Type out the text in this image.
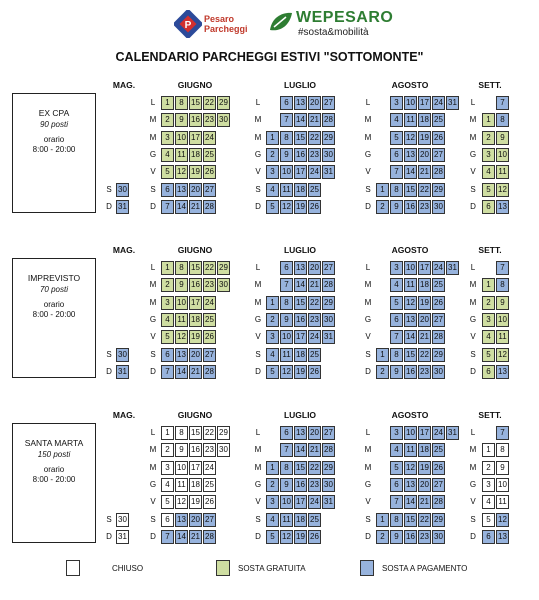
P
Pesaro
Parcheggi
WEPESARO
#sosta&mobilità
CALENDARIO PARCHEGGI ESTIVI "SOTTOMONTE"
EX CPA
90 posti
orario
8:00 - 20:00
MAG.
S
D
30
31
GIUGNO
L
M
M
G
V
S
D
1
2
3
4
5
6
7
8
9
10
11
12
13
14
15
16
17
18
19
20
21
22
23
24
25
26
27
28
29
30
LUGLIO
L
M
M
G
V
S
D
1
2
3
4
5
6
7
8
9
10
11
12
13
14
15
16
17
18
19
20
21
22
23
24
25
26
27
28
29
30
31
AGOSTO
L
M
M
G
V
S
D
1
2
3
4
5
6
7
8
9
10
11
12
13
14
15
16
17
18
19
20
21
22
23
24
25
26
27
28
29
30
31
SETT.
L
M
M
G
V
S
D
1
2
3
4
5
6
7
8
9
10
11
12
13
IMPREVISTO
70 posti
orario
8:00 - 20:00
MAG.
S
D
30
31
GIUGNO
L
M
M
G
V
S
D
1
2
3
4
5
6
7
8
9
10
11
12
13
14
15
16
17
18
19
20
21
22
23
24
25
26
27
28
29
30
LUGLIO
L
M
M
G
V
S
D
1
2
3
4
5
6
7
8
9
10
11
12
13
14
15
16
17
18
19
20
21
22
23
24
25
26
27
28
29
30
31
AGOSTO
L
M
M
G
V
S
D
1
2
3
4
5
6
7
8
9
10
11
12
13
14
15
16
17
18
19
20
21
22
23
24
25
26
27
28
29
30
31
SETT.
L
M
M
G
V
S
D
1
2
3
4
5
6
7
8
9
10
11
12
13
SANTA MARTA
150 posti
orario
8:00 - 20:00
MAG.
S
D
30
31
GIUGNO
L
M
M
G
V
S
D
1
2
3
4
5
6
7
8
9
10
11
12
13
14
15
16
17
18
19
20
21
22
23
24
25
26
27
28
29
30
LUGLIO
L
M
M
G
V
S
D
1
2
3
4
5
6
7
8
9
10
11
12
13
14
15
16
17
18
19
20
21
22
23
24
25
26
27
28
29
30
31
AGOSTO
L
M
M
G
V
S
D
1
2
3
4
5
6
7
8
9
10
11
12
13
14
15
16
17
18
19
20
21
22
23
24
25
26
27
28
29
30
31
SETT.
L
M
M
G
V
S
D
1
2
3
4
5
6
7
8
9
10
11
12
13
CHIUSO	SOSTA GRATUITA	SOSTA A PAGAMENTO
